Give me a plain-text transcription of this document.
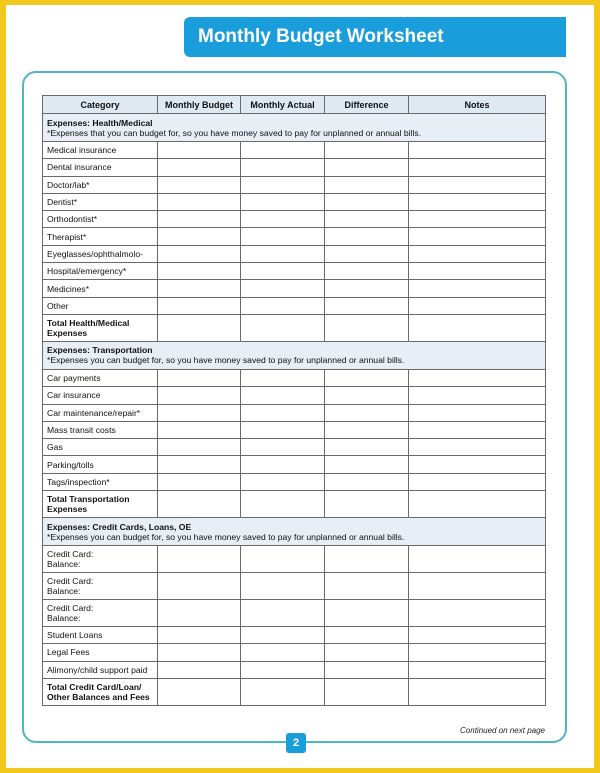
Monthly Budget Worksheet
Category	Monthly Budget	Monthly Actual	Difference	Notes

Expenses: Health/Medical
*Expenses that you can budget for, so you have money saved to pay for unplanned or annual bills.				
Medical insurance				
Dental insurance				
Doctor/lab*				
Dentist*				
Orthodontist*				
Therapist*				
Eyeglasses/ophthalmolo-				
Hospital/emergency*				
Medicines*				
Other				
Total Health/Medical
Expenses				

Expenses: Transportation
*Expenses you can budget for, so you have money saved to pay for unplanned or annual bills.				
Car payments				
Car insurance				
Car maintenance/repair*				
Mass transit costs				
Gas				
Parking/tolls				
Tags/inspection*				
Total Transportation
Expenses				

Expenses: Credit Cards, Loans, OE
*Expenses you can budget for, so you have money saved to pay for unplanned or annual bills.				
Credit Card:
Balance:				
Credit Card:
Balance:				
Credit Card:
Balance:				
Student Loans				
Legal Fees				
Alimony/child support paid				
Total Credit Card/Loan/
Other Balances and Fees				
Continued on next page
2
